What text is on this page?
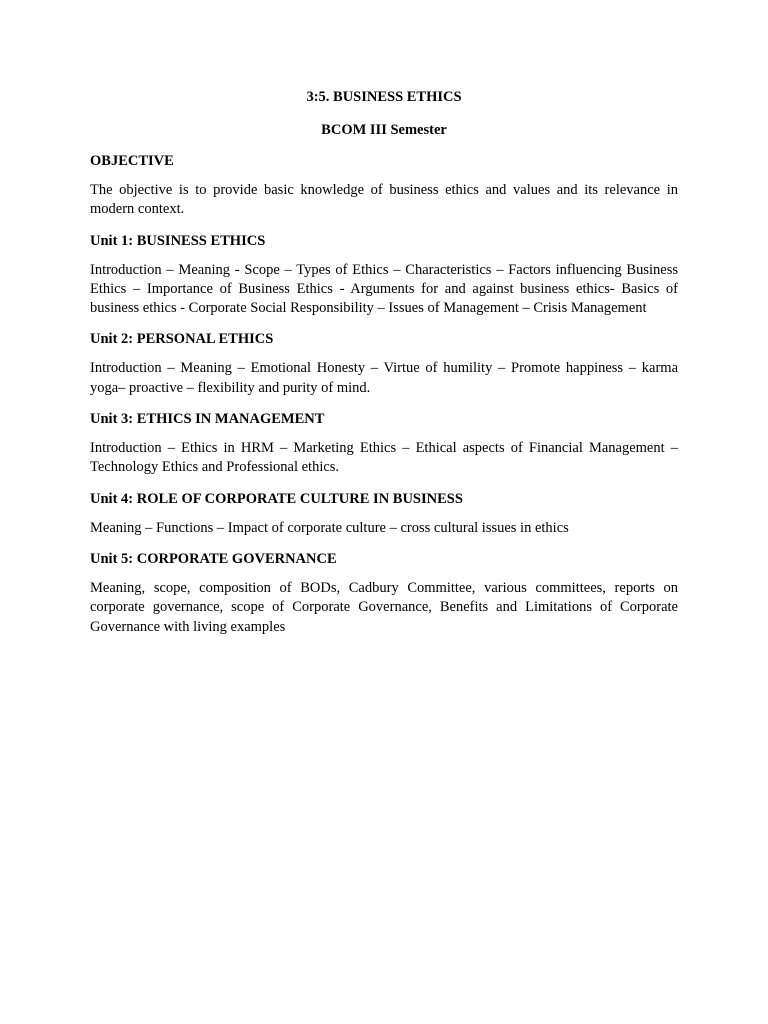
3:5. BUSINESS ETHICS

BCOM III Semester

OBJECTIVE

The objective is to provide basic knowledge of business ethics and values and its relevance in modern context.

Unit 1: BUSINESS ETHICS

Introduction – Meaning - Scope – Types of Ethics – Characteristics – Factors influencing Business Ethics – Importance of Business Ethics - Arguments for and against business ethics- Basics of business ethics - Corporate Social Responsibility – Issues of Management – Crisis Management

Unit 2: PERSONAL ETHICS

Introduction – Meaning – Emotional Honesty – Virtue of humility – Promote happiness – karma yoga– proactive – flexibility and purity of mind.

Unit 3: ETHICS IN MANAGEMENT

Introduction – Ethics in HRM – Marketing Ethics – Ethical aspects of Financial Management – Technology Ethics and Professional ethics.

Unit 4: ROLE OF CORPORATE CULTURE IN BUSINESS

Meaning – Functions – Impact of corporate culture – cross cultural issues in ethics

Unit 5: CORPORATE GOVERNANCE

Meaning, scope, composition of BODs, Cadbury Committee, various committees, reports on corporate governance, scope of Corporate Governance, Benefits and Limitations of Corporate Governance with living examples
